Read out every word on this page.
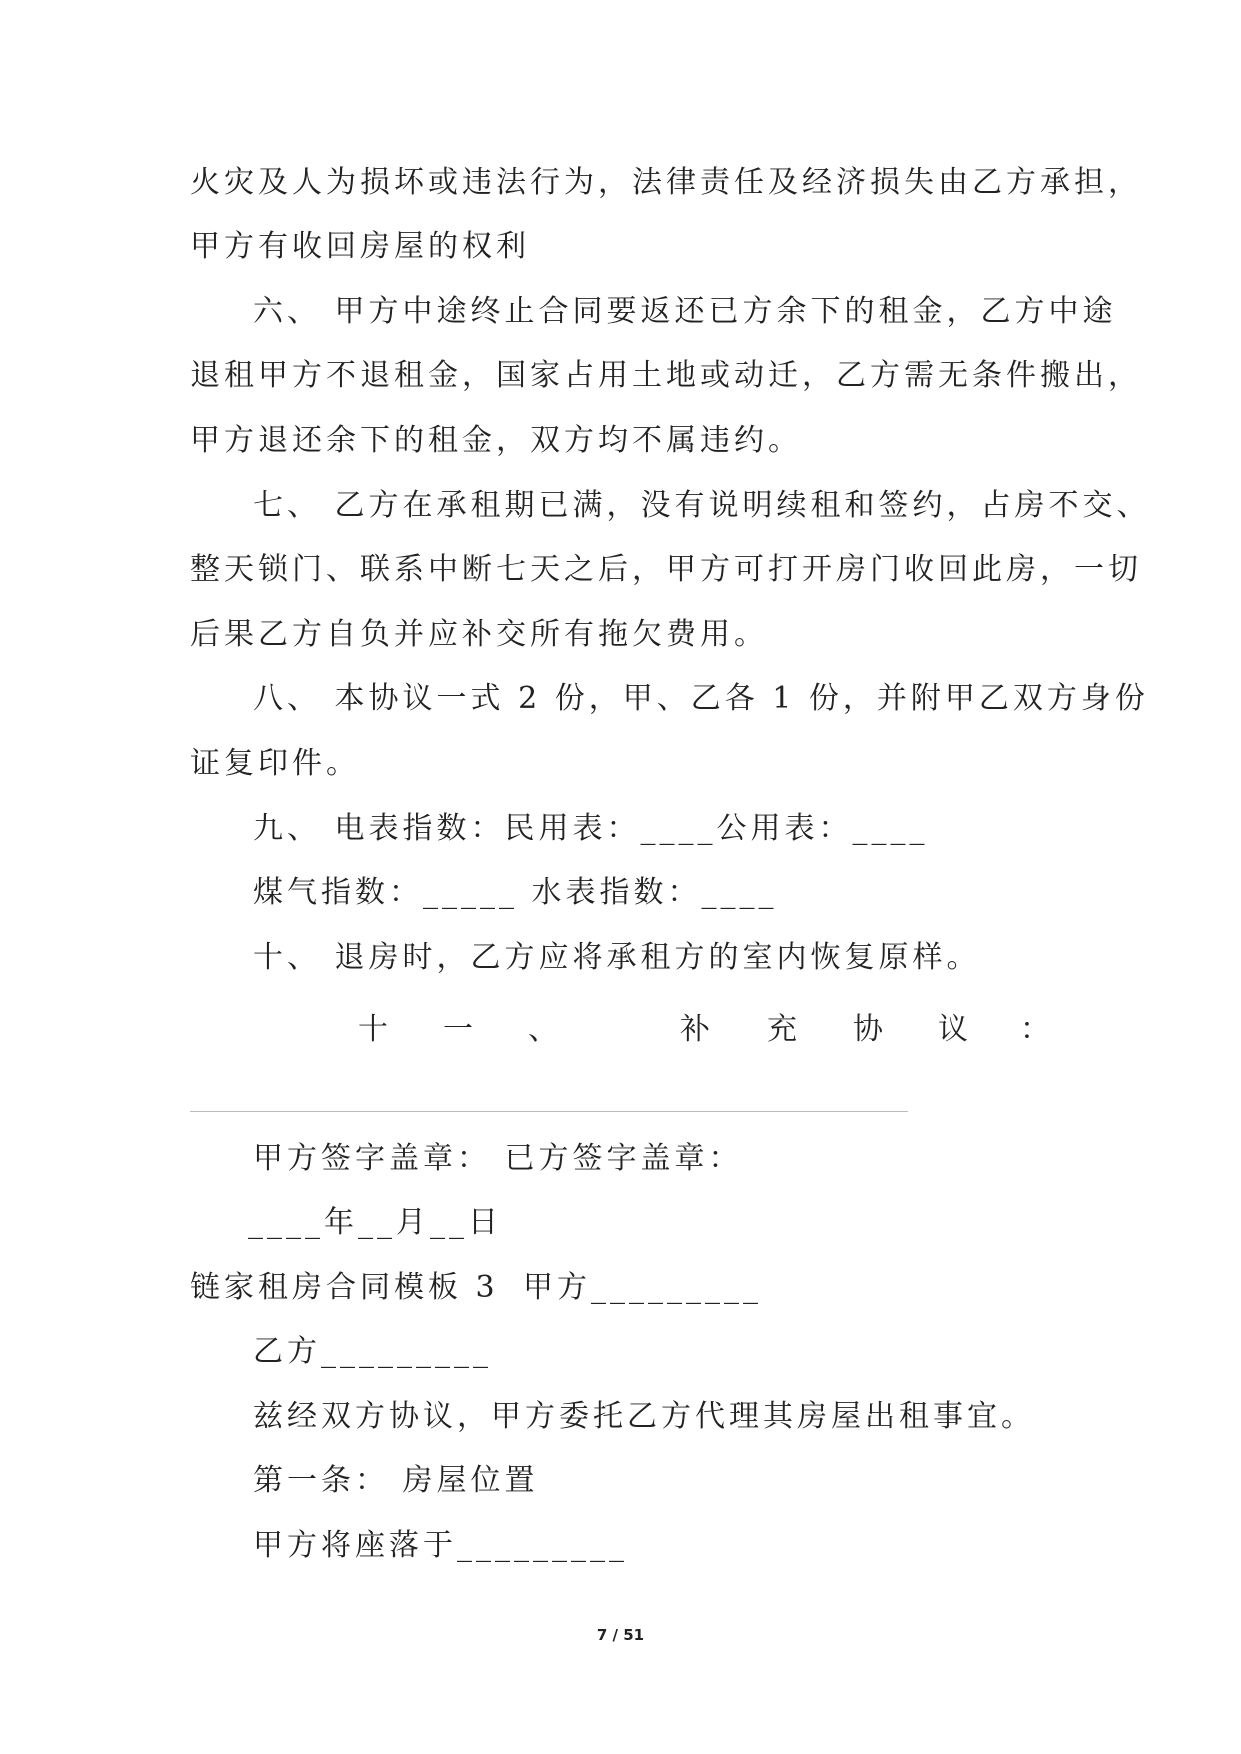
火灾及人为损坏或违法行为，法律责任及经济损失由乙方承担，
甲方有收回房屋的权利
六、 甲方中途终止合同要返还已方余下的租金，乙方中途
退租甲方不退租金，国家占用土地或动迁，乙方需无条件搬出，
甲方退还余下的租金，双方均不属违约。
七、 乙方在承租期已满，没有说明续租和签约，占房不交、
整天锁门、联系中断七天之后，甲方可打开房门收回此房，一切
后果乙方自负并应补交所有拖欠费用。
八、 本协议一式 2 份，甲、乙各 1 份，并附甲乙双方身份
证复印件。
九、 电表指数：民用表：____公用表：____
煤气指数：_____ 水表指数：____
十、 退房时，乙方应将承租方的室内恢复原样。
十 一 、	补 充 协 议 ：
甲方签字盖章： 已方签字盖章：
____年__月__日
链家租房合同模板 3 甲方_________
乙方_________
兹经双方协议，甲方委托乙方代理其房屋出租事宜。
第一条： 房屋位置
甲方将座落于_________
7 / 51
